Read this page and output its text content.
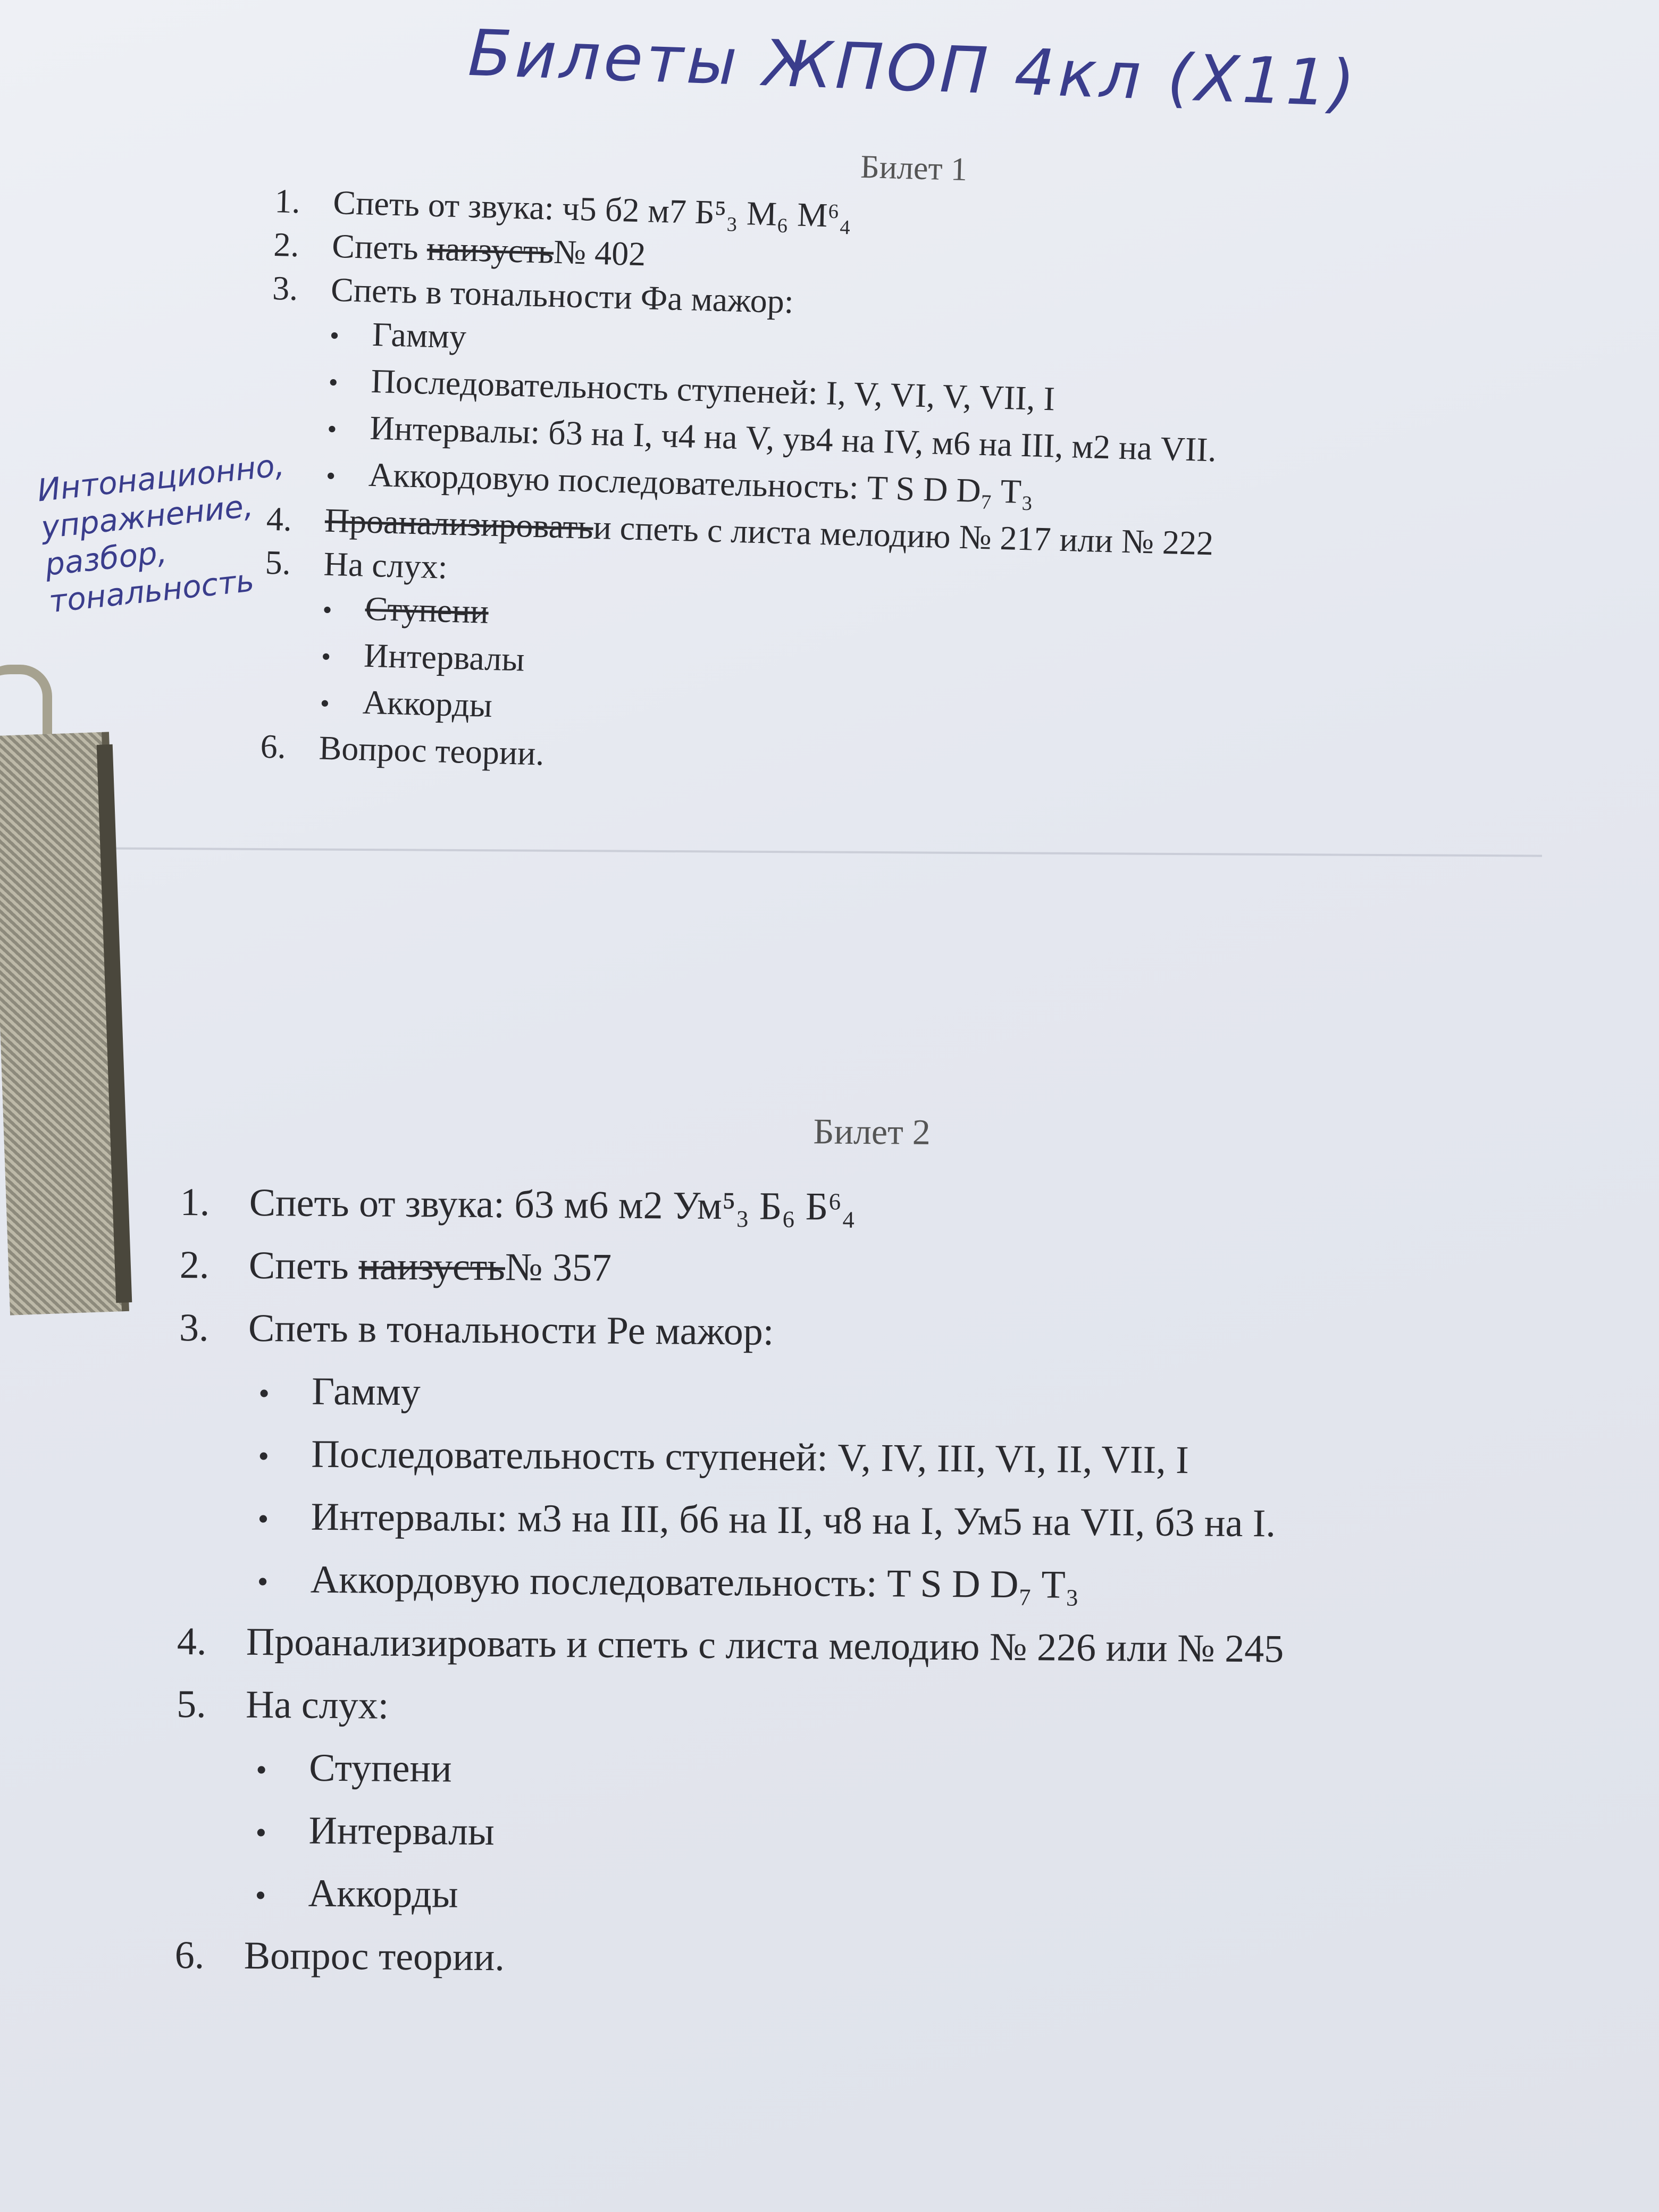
Билеты ЖПОП 4кл (X11)
Интонационно, упражнение, разбор, тональность
Билет 1
1. Спеть от звука: ч5 б2 м7 Б⁵₃ М₆ М⁶₄
2. Спеть
наизусть
№ 402
3. Спеть в тональности Фа мажор:
• Гамму
• Последовательность ступеней: I, V, VI, V, VII, I
• Интервалы: б3 на I, ч4 на V, ув4 на IV, м6 на III, м2 на VII.
• Аккордовую последовательность: T S D D₇ T₃
4. Проанализировать
и спеть с листа мелодию № 217 или № 222
5. На слух:
• Ступени
• Интервалы
• Аккорды
6. Вопрос теории.
Билет 2
1. Спеть от звука: б3 м6 м2 Ум⁵₃ Б₆ Б⁶₄
2. Спеть
наизусть № 357
3. Спеть в тональности Ре мажор:
•	Гамму
•	Последовательность ступеней: V, IV, III, VI, II, VII, I
•	Интервалы: м3 на III, б6 на II, ч8 на I, Ум5 на VII, б3 на I.
•	Аккордовую последовательность: T S D D₇ T₃
4. Проанализировать и спеть с листа мелодию № 226 или № 245
5. На слух:
•	Ступени
•	Интервалы
•	Аккорды
6. Вопрос теории.
